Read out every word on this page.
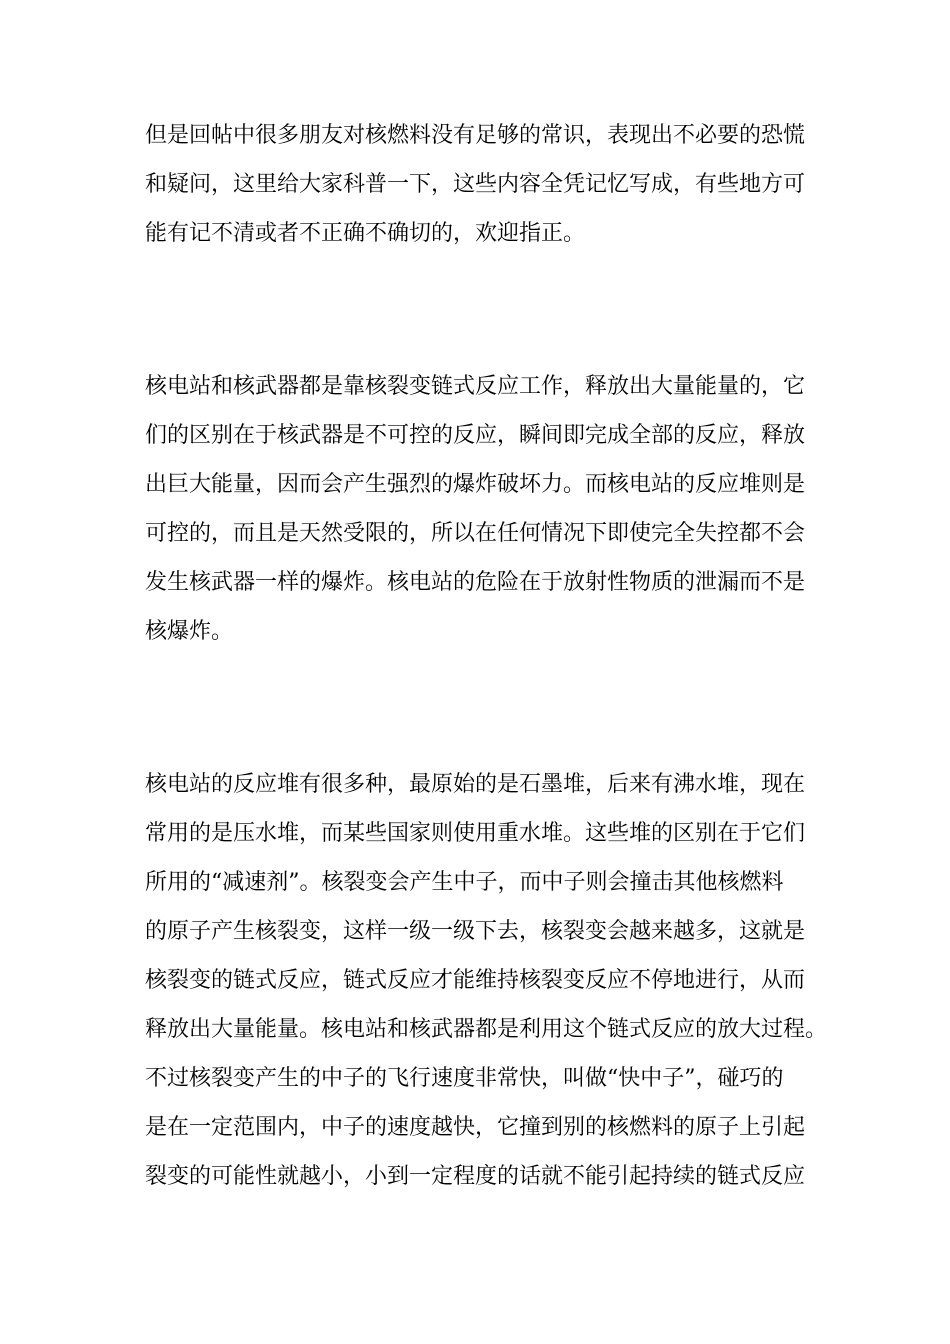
但是回帖中很多朋友对核燃料没有足够的常识，表现出不必要的恐慌
和疑问，这里给大家科普一下，这些内容全凭记忆写成，有些地方可
能有记不清或者不正确不确切的，欢迎指正。
核电站和核武器都是靠核裂变链式反应工作，释放出大量能量的，它
们的区别在于核武器是不可控的反应，瞬间即完成全部的反应，释放
出巨大能量，因而会产生强烈的爆炸破坏力。而核电站的反应堆则是
可控的，而且是天然受限的，所以在任何情况下即使完全失控都不会
发生核武器一样的爆炸。核电站的危险在于放射性物质的泄漏而不是
核爆炸。
核电站的反应堆有很多种，最原始的是石墨堆，后来有沸水堆，现在
常用的是压水堆，而某些国家则使用重水堆。这些堆的区别在于它们
所用的“减速剂”。核裂变会产生中子，而中子则会撞击其他核燃料
的原子产生核裂变，这样一级一级下去，核裂变会越来越多，这就是
核裂变的链式反应，链式反应才能维持核裂变反应不停地进行，从而
释放出大量能量。核电站和核武器都是利用这个链式反应的放大过程。
不过核裂变产生的中子的飞行速度非常快，叫做“快中子”，碰巧的
是在一定范围内，中子的速度越快，它撞到别的核燃料的原子上引起
裂变的可能性就越小，小到一定程度的话就不能引起持续的链式反应
